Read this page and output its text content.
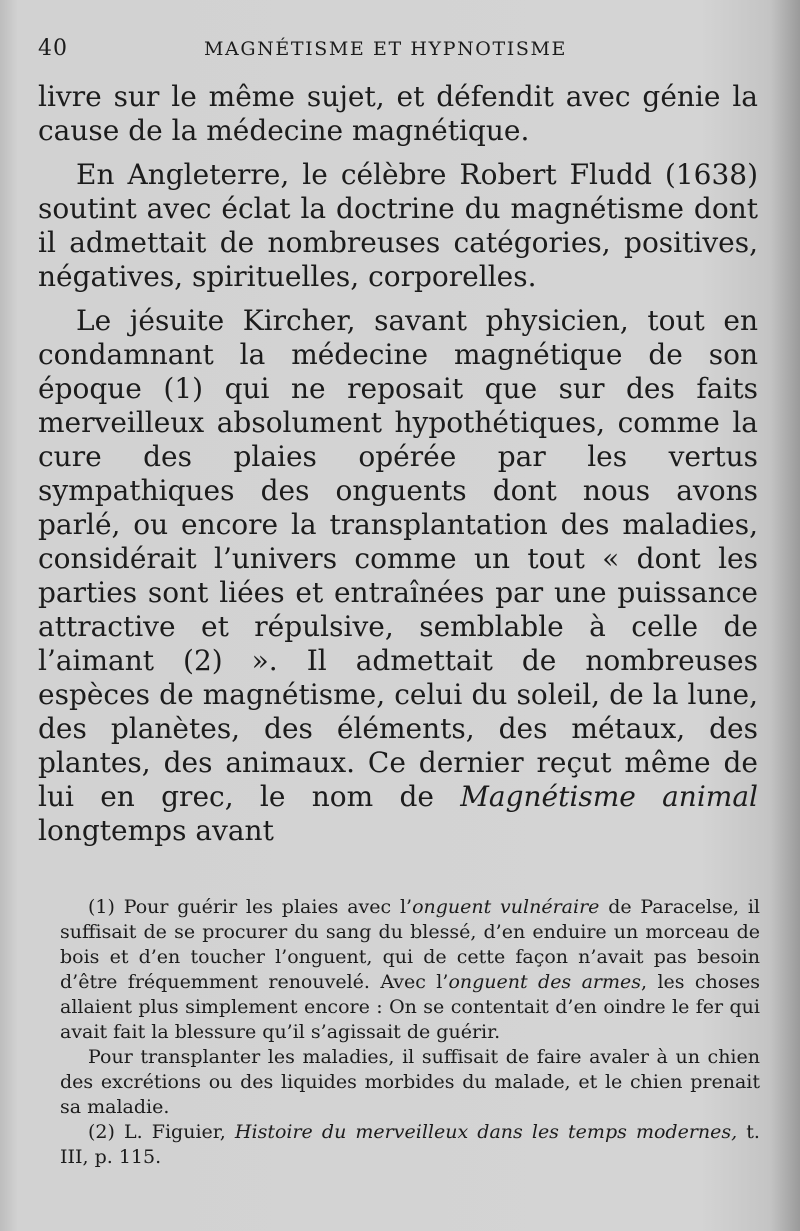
40	MAGNÉTISME ET HYPNOTISME

livre sur le même sujet, et défendit avec génie la cause de la médecine magnétique.

En Angleterre, le célèbre Robert Fludd (1638) soutint avec éclat la doctrine du magnétisme dont il admettait de nombreuses catégories, positives, négatives, spirituelles, corporelles.

Le jésuite Kircher, savant physicien, tout en condamnant la médecine magnétique de son époque (1) qui ne reposait que sur des faits merveilleux absolument hypothétiques, comme la cure des plaies opérée par les vertus sympathiques des onguents dont nous avons parlé, ou encore la transplantation des maladies, considérait l’univers comme un tout « dont les parties sont liées et entraînées par une puissance attractive et répulsive, semblable à celle de l’aimant (2) ». Il admettait de nombreuses espèces de magnétisme, celui du soleil, de la lune, des planètes, des éléments, des métaux, des plantes, des animaux. Ce dernier reçut même de lui en grec, le nom de Magnétisme animal longtemps avant

(1) Pour guérir les plaies avec l’onguent vulnéraire de Paracelse, il suffisait de se procurer du sang du blessé, d’en enduire un morceau de bois et d’en toucher l’onguent, qui de cette façon n’avait pas besoin d’être fréquemment renouvelé. Avec l’onguent des armes, les choses allaient plus simplement encore : On se contentait d’en oindre le fer qui avait fait la blessure qu’il s’agissait de guérir.

Pour transplanter les maladies, il suffisait de faire avaler à un chien des excrétions ou des liquides morbides du malade, et le chien prenait sa maladie.

(2) L. Figuier, Histoire du merveilleux dans les temps modernes, t. III, p. 115.
